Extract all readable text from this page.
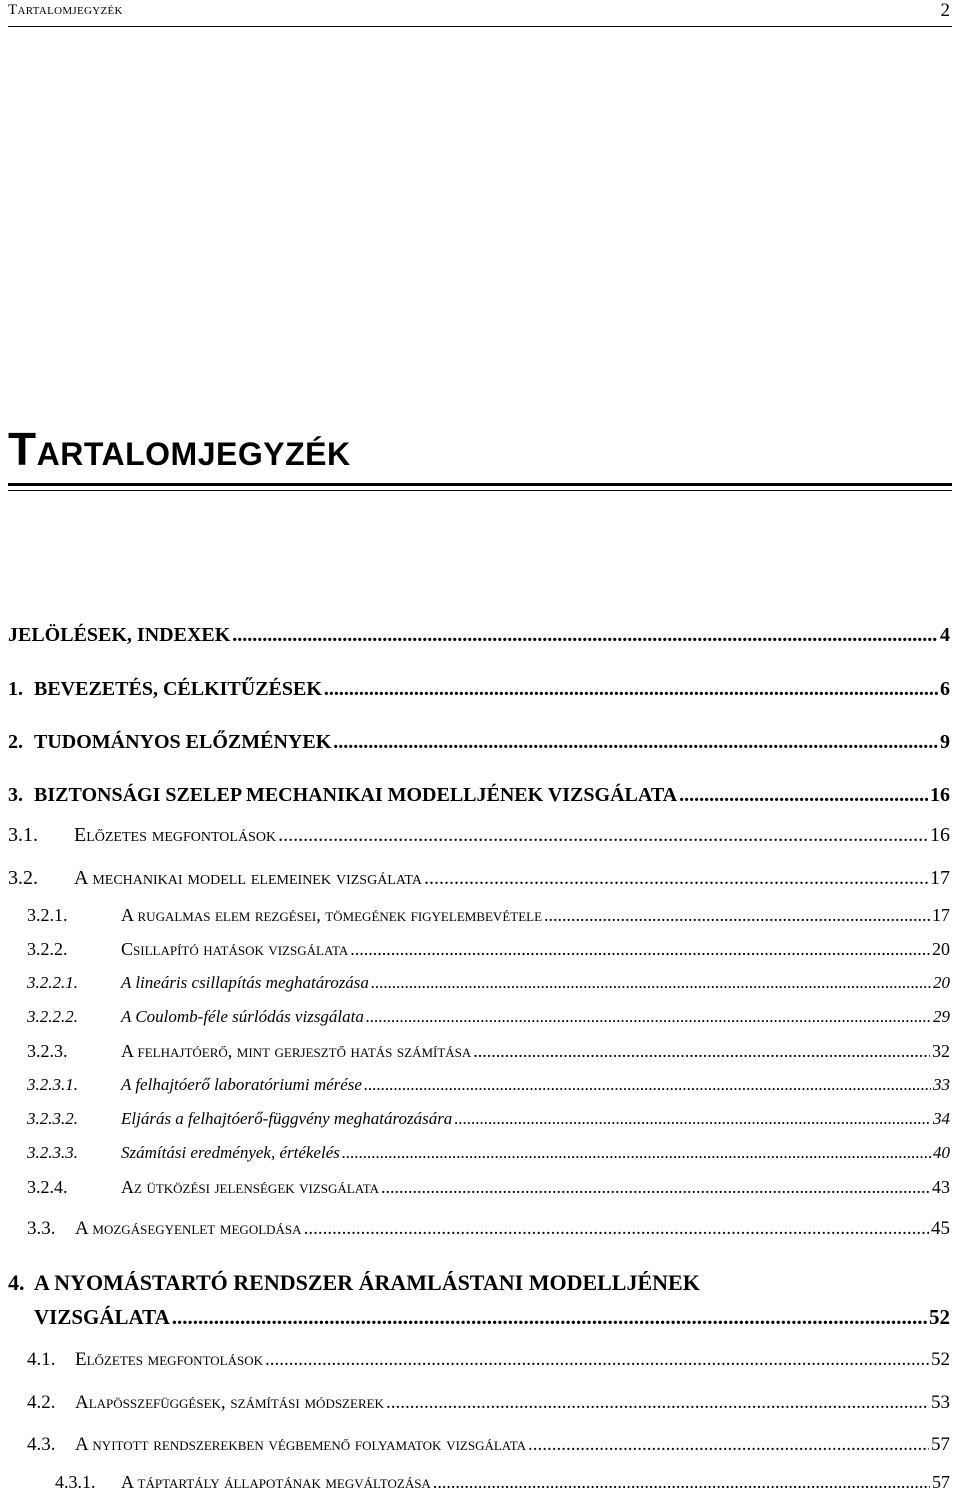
Tartalomjegyzék	2
Tartalomjegyzék
JELÖLÉSEK, INDEXEK .....	4
1. BEVEZETÉS, CÉLKITŰZÉSEK .....	6
2. TUDOMÁNYOS ELŐZMÉNYEK .....	9
3. BIZTONSÁGI SZELEP MECHANIKAI MODELLJÉNEK VIZSGÁLATA .....	16
3.1.	Előzetes megfontolások .....	16
3.2.	A mechanikai modell elemeinek vizsgálata .....	17
3.2.1.	A rugalmas elem rezgései, tömegének figyelembevétele .....	17
3.2.2.	Csillapító hatások vizsgálata .....	20
3.2.2.1.	A lineáris csillapítás meghatározása .....	20
3.2.2.2.	A Coulomb-féle súrlódás vizsgálata .....	29
3.2.3.	A felhajtóerő, mint gerjesztő hatás számítása .....	32
3.2.3.1.	A felhajtóerő laboratóriumi mérése .....	33
3.2.3.2.	Eljárás a felhajtóerő-függvény meghatározására .....	34
3.2.3.3.	Számítási eredmények, értékelés .....	40
3.2.4.	Az ütközési jelenségek vizsgálata .....	43
3.3.	A mozgásegyenlet megoldása .....	45
4. A NYOMÁSTARTÓ RENDSZER ÁRAMLÁSTANI MODELLJÉNEK
VIZSGÁLATA .....	52
4.1.	Előzetes megfontolások .....	52
4.2.	Alapösszefüggések, számítási módszerek .....	53
4.3.	A nyitott rendszerekben végbemenő folyamatok vizsgálata .....	57
4.3.1.	A táptartály állapotának megváltozása .....	57
